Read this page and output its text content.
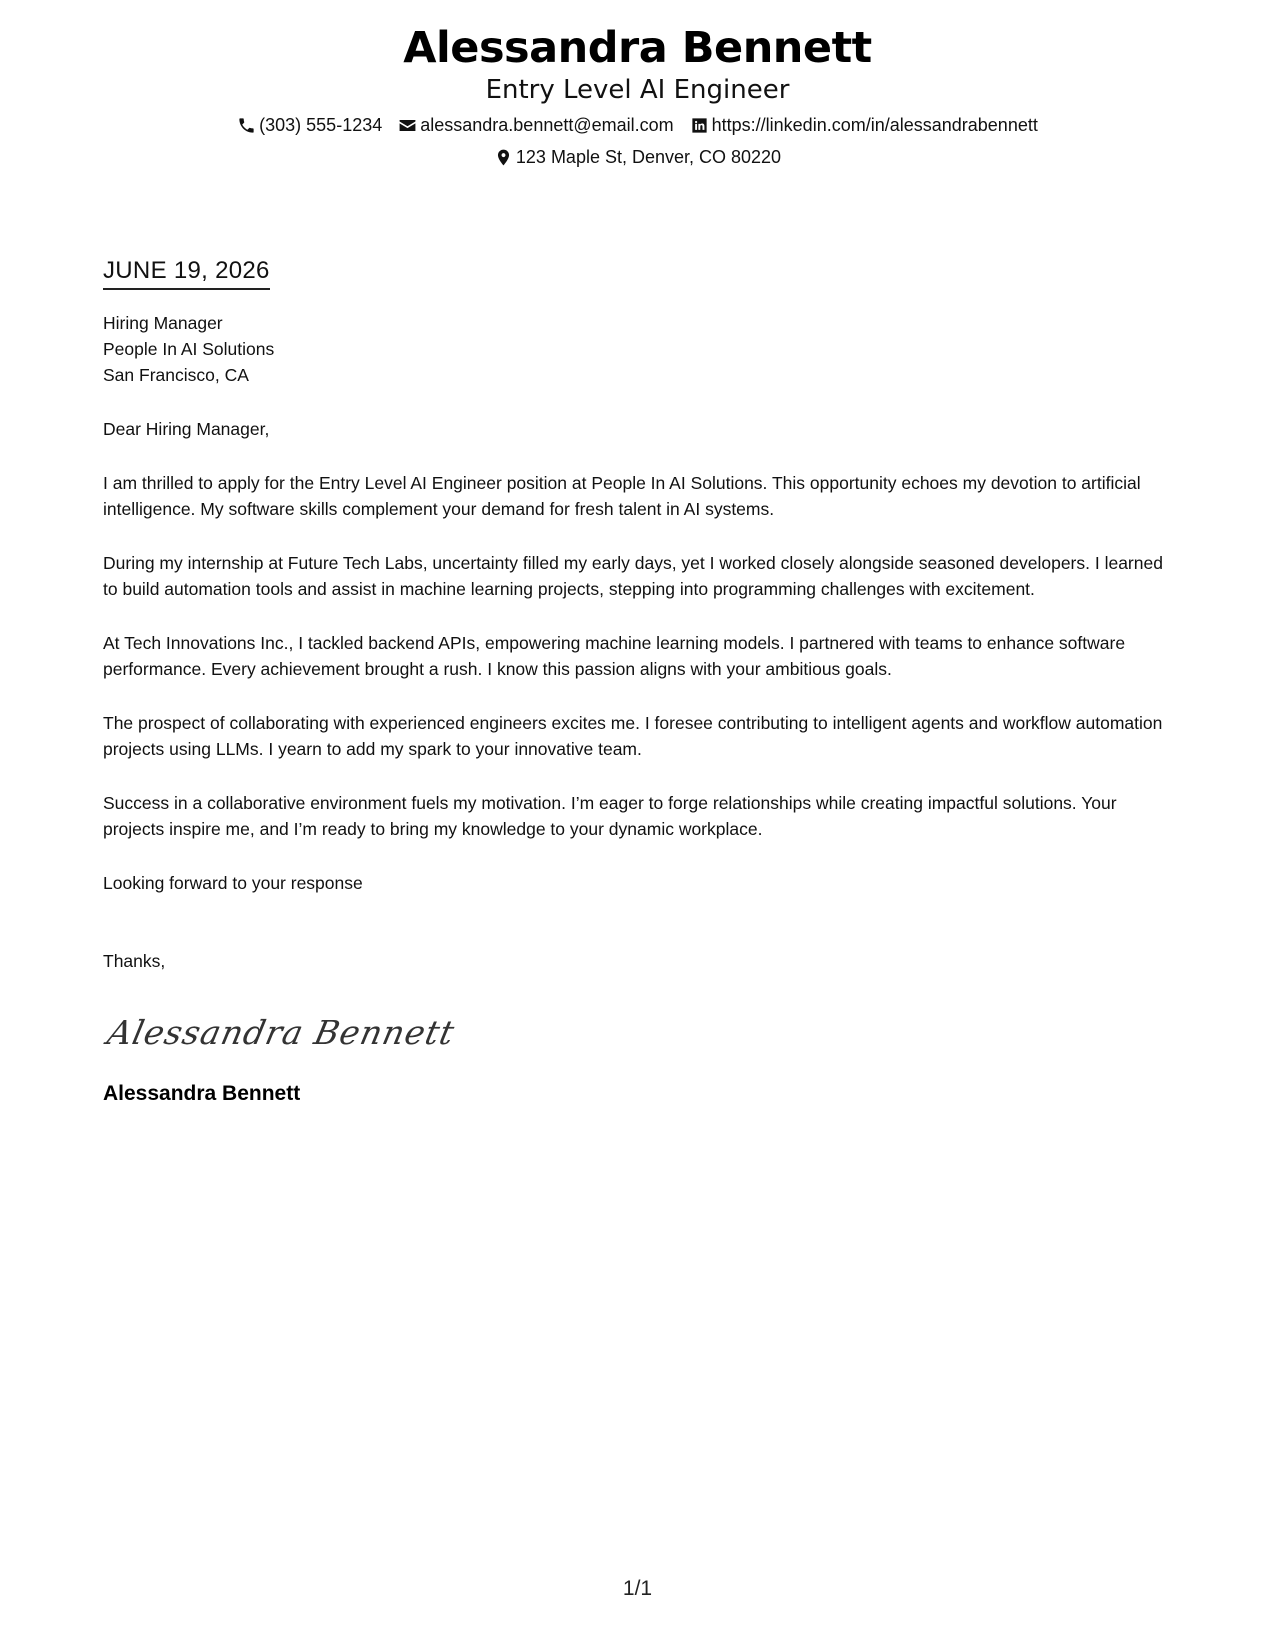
Alessandra Bennett
Entry Level AI Engineer
(303) 555-1234 alessandra.bennett@email.com https://linkedin.com/in/alessandrabennett
123 Maple St, Denver, CO 80220
JUNE 19, 2026
Hiring Manager
People In AI Solutions
San Francisco, CA
Dear Hiring Manager,
I am thrilled to apply for the Entry Level AI Engineer position at People In AI Solutions. This opportunity echoes my devotion to artificial intelligence. My software skills complement your demand for fresh talent in AI systems.
During my internship at Future Tech Labs, uncertainty filled my early days, yet I worked closely alongside seasoned developers. I learned to build automation tools and assist in machine learning projects, stepping into programming challenges with excitement.
At Tech Innovations Inc., I tackled backend APIs, empowering machine learning models. I partnered with teams to enhance software performance. Every achievement brought a rush. I know this passion aligns with your ambitious goals.
The prospect of collaborating with experienced engineers excites me. I foresee contributing to intelligent agents and workflow automation projects using LLMs. I yearn to add my spark to your innovative team.
Success in a collaborative environment fuels my motivation. I’m eager to forge relationships while creating impactful solutions. Your projects inspire me, and I’m ready to bring my knowledge to your dynamic workplace.
Looking forward to your response
Thanks,
Alessandra Bennett
Alessandra Bennett
1/1
